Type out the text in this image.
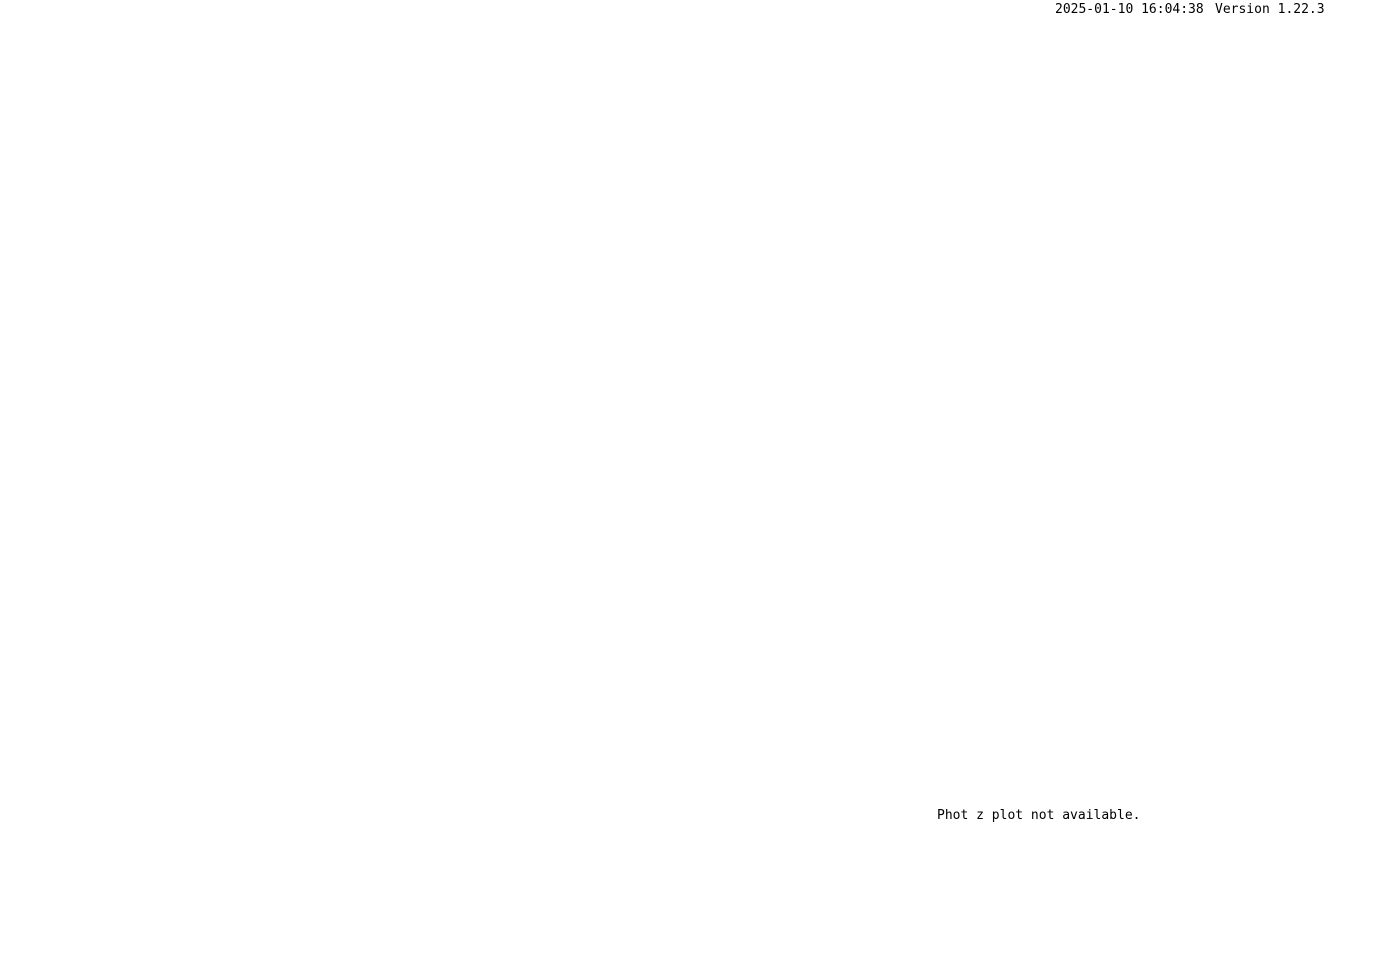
2025-01-10 16:04:38 Version 1.22.3
Phot z plot not available.
